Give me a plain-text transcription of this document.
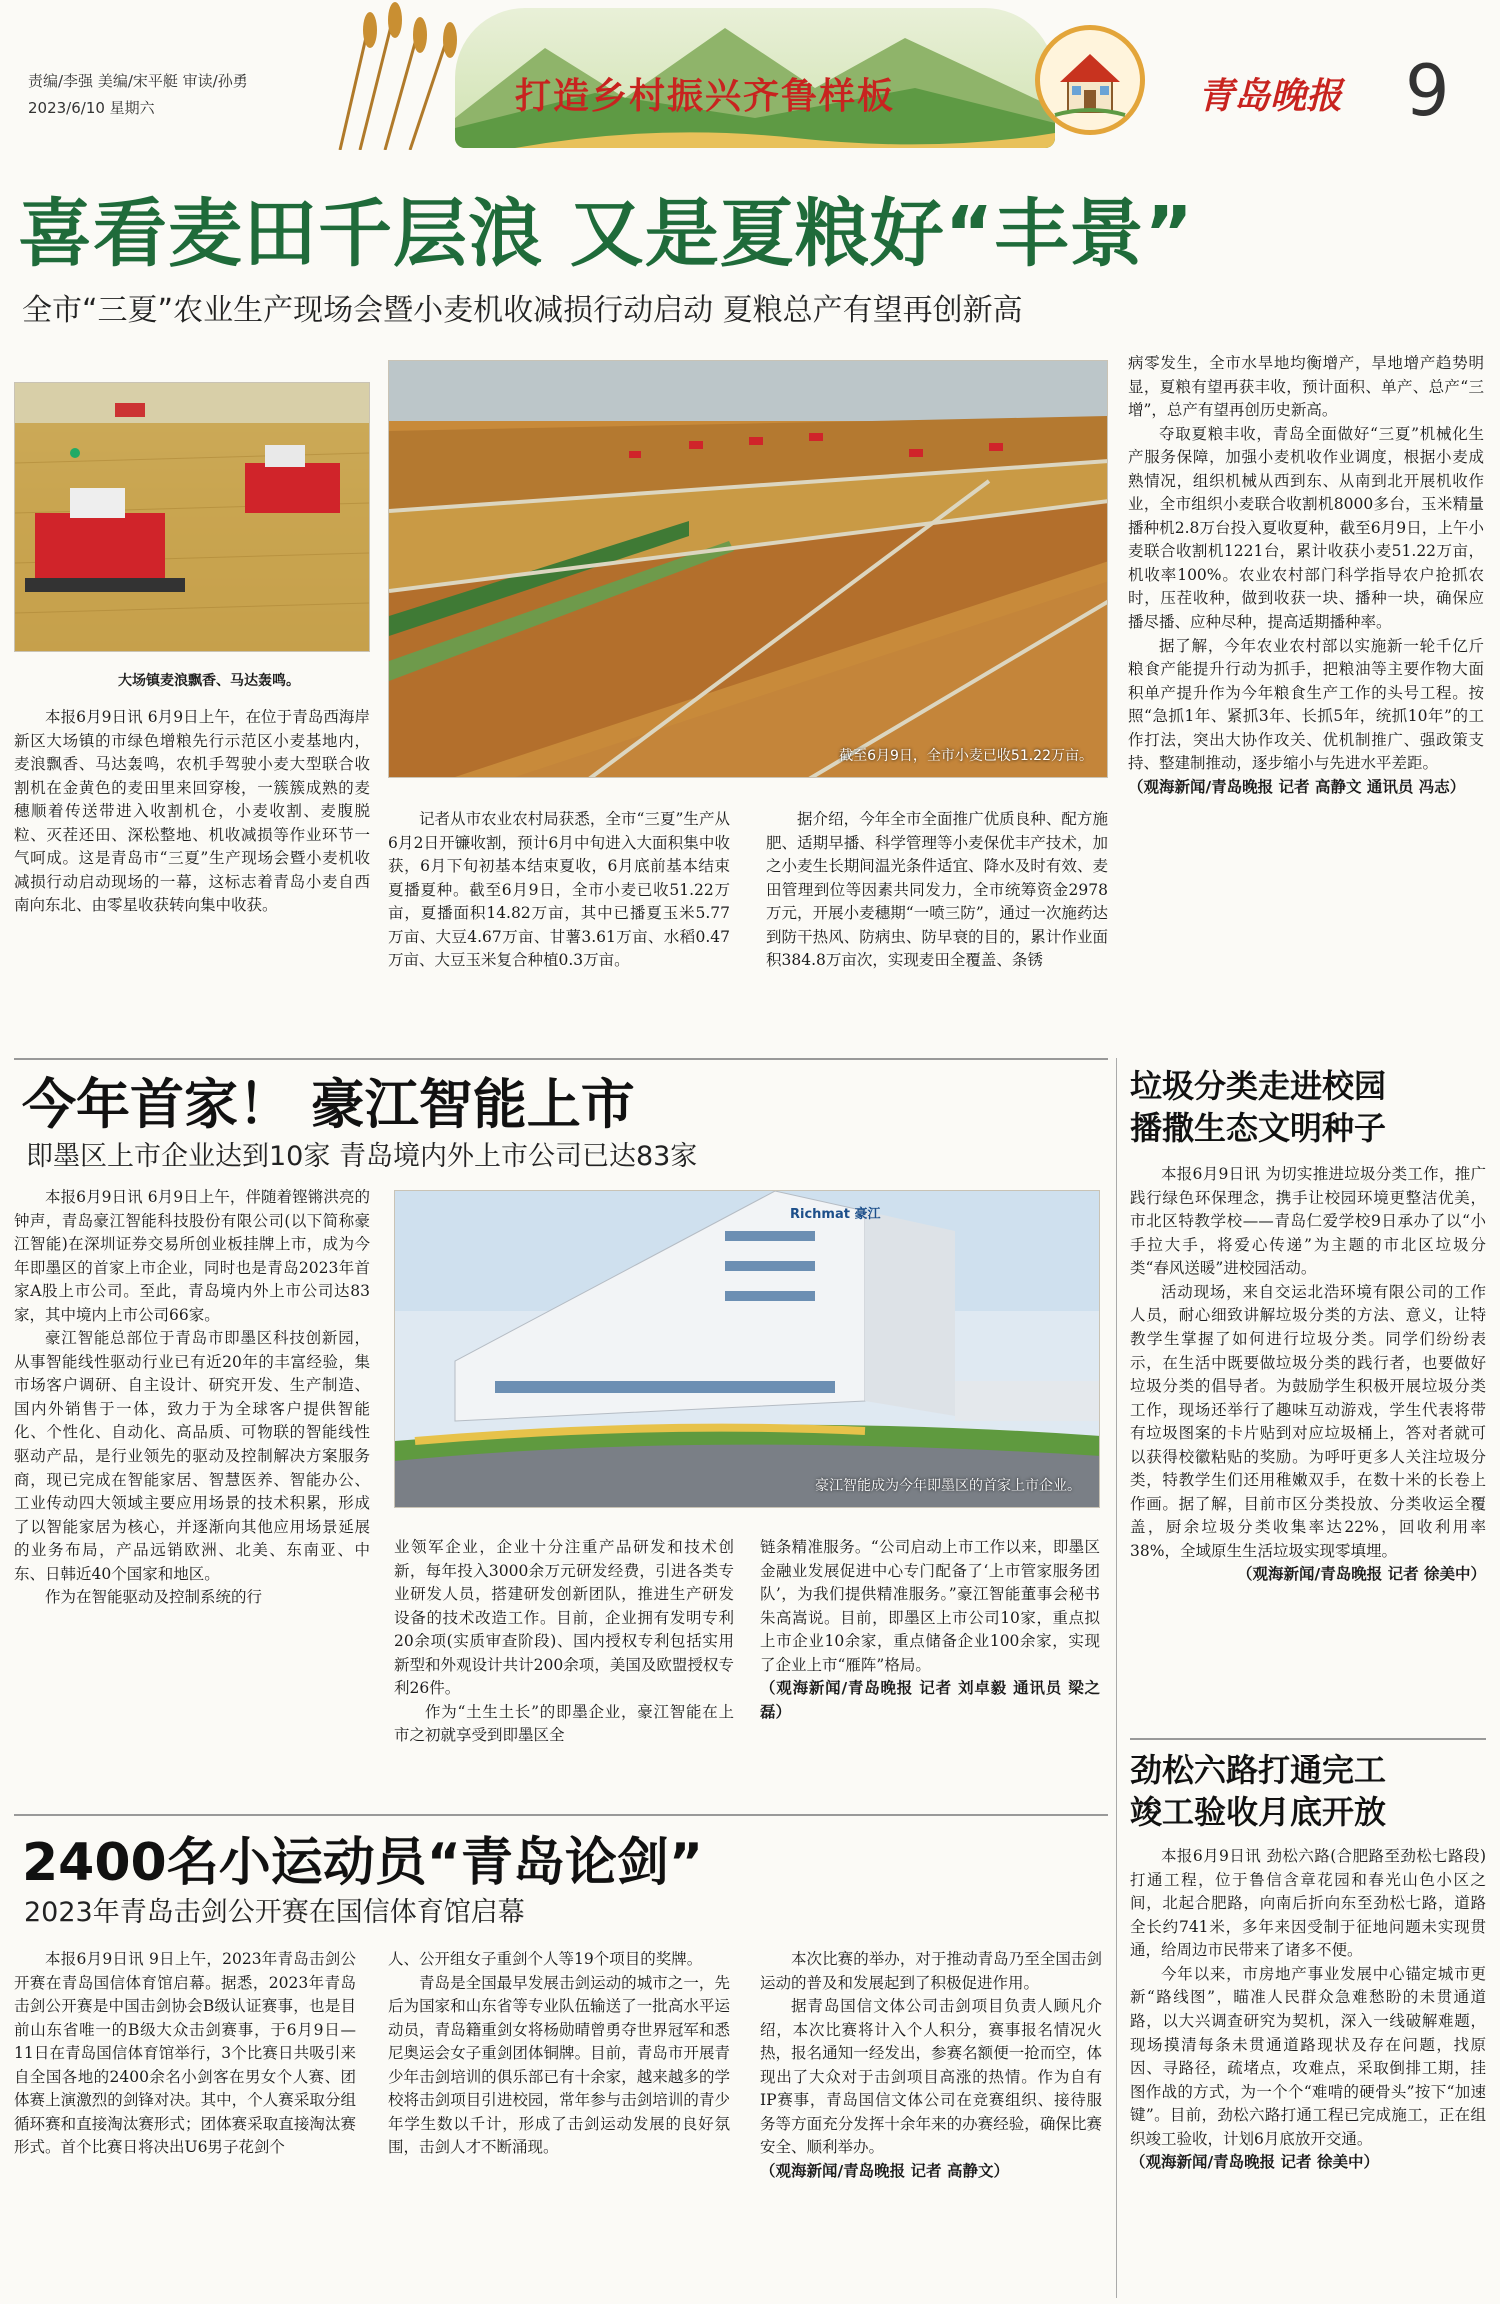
责编/李强 美编/宋平艇 审读/孙勇
2023/6/10 星期六	打造乡村振兴齐鲁样板	青岛晚报 9
喜看麦田千层浪 又是夏粮好“丰景”
全市“三夏”农业生产现场会暨小麦机收减损行动启动 夏粮总产有望再创新高
大场镇麦浪飘香、马达轰鸣。
截至6月9日，全市小麦已收51.22万亩。

本报6月9日讯 6月9日上午，在位于青岛西海岸新区大场镇的市绿色增粮先行示范区小麦基地内，麦浪飘香、马达轰鸣，农机手驾驶小麦大型联合收割机在金黄色的麦田里来回穿梭，一簇簇成熟的麦穗顺着传送带进入收割机仓，小麦收割、麦腹脱粒、灭茬还田、深松整地、机收减损等作业环节一气呵成。这是青岛市“三夏”生产现场会暨小麦机收减损行动启动现场的一幕，这标志着青岛小麦自西南向东北、由零星收获转向集中收获。

记者从市农业农村局获悉，全市“三夏”生产从6月2日开镰收割，预计6月中旬进入大面积集中收获，6月下旬初基本结束夏收，6月底前基本结束夏播夏种。截至6月9日，全市小麦已收51.22万亩，夏播面积14.82万亩，其中已播夏玉米5.77万亩、大豆4.67万亩、甘薯3.61万亩、水稻0.47万亩、大豆玉米复合种植0.3万亩。

据介绍，今年全市全面推广优质良种、配方施肥、适期早播、科学管理等小麦保优丰产技术，加之小麦生长期间温光条件适宜、降水及时有效、麦田管理到位等因素共同发力，全市统筹资金2978万元，开展小麦穗期“一喷三防”，通过一次施药达到防干热风、防病虫、防早衰的目的，累计作业面积384.8万亩次，实现麦田全覆盖、条锈

病零发生，全市水旱地均衡增产，旱地增产趋势明显，夏粮有望再获丰收，预计面积、单产、总产“三增”，总产有望再创历史新高。

夺取夏粮丰收，青岛全面做好“三夏”机械化生产服务保障，加强小麦机收作业调度，根据小麦成熟情况，组织机械从西到东、从南到北开展机收作业，全市组织小麦联合收割机8000多台，玉米精量播种机2.8万台投入夏收夏种，截至6月9日，上午小麦联合收割机1221台，累计收获小麦51.22万亩，机收率100%。农业农村部门科学指导农户抢抓农时，压茬收种，做到收获一块、播种一块，确保应播尽播、应种尽种，提高适期播种率。

据了解，今年农业农村部以实施新一轮千亿斤粮食产能提升行动为抓手，把粮油等主要作物大面积单产提升作为今年粮食生产工作的头号工程。按照“急抓1年、紧抓3年、长抓5年，统抓10年”的工作打法，突出大协作攻关、优机制推广、强政策支持、整建制推动，逐步缩小与先进水平差距。

（观海新闻/青岛晚报 记者 高静文 通讯员 冯志）

今年首家！ 豪江智能上市
即墨区上市企业达到10家 青岛境内外上市公司已达83家

本报6月9日讯 6月9日上午，伴随着铿锵洪亮的钟声，青岛豪江智能科技股份有限公司(以下简称豪江智能)在深圳证券交易所创业板挂牌上市，成为今年即墨区的首家上市企业，同时也是青岛2023年首家A股上市公司。至此，青岛境内外上市公司达83家，其中境内上市公司66家。

豪江智能总部位于青岛市即墨区科技创新园，从事智能线性驱动行业已有近20年的丰富经验，集市场客户调研、自主设计、研究开发、生产制造、国内外销售于一体，致力于为全球客户提供智能化、个性化、自动化、高品质、可物联的智能线性驱动产品，是行业领先的驱动及控制解决方案服务商，现已完成在智能家居、智慧医养、智能办公、工业传动四大领域主要应用场景的技术积累，形成了以智能家居为核心，并逐渐向其他应用场景延展的业务布局，产品远销欧洲、北美、东南亚、中东、日韩近40个国家和地区。

作为在智能驱动及控制系统的行

Richmat 豪江
豪江智能成为今年即墨区的首家上市企业。

业领军企业，企业十分注重产品研发和技术创新，每年投入3000余万元研发经费，引进各类专业研发人员，搭建研发创新团队，推进生产研发设备的技术改造工作。目前，企业拥有发明专利20余项(实质审查阶段)、国内授权专利包括实用新型和外观设计共计200余项，美国及欧盟授权专利26件。

作为“土生土长”的即墨企业，豪江智能在上市之初就享受到即墨区全

链条精准服务。“公司启动上市工作以来，即墨区金融业发展促进中心专门配备了‘上市管家服务团队’，为我们提供精准服务。”豪江智能董事会秘书朱高嵩说。目前，即墨区上市公司10家，重点拟上市企业10余家，重点储备企业100余家，实现了企业上市“雁阵”格局。

（观海新闻/青岛晚报 记者 刘卓毅 通讯员 梁之磊）

2400名小运动员“青岛论剑”
2023年青岛击剑公开赛在国信体育馆启幕

本报6月9日讯 9日上午，2023年青岛击剑公开赛在青岛国信体育馆启幕。据悉，2023年青岛击剑公开赛是中国击剑协会B级认证赛事，也是目前山东省唯一的B级大众击剑赛事，于6月9日—11日在青岛国信体育馆举行，3个比赛日共吸引来自全国各地的2400余名小剑客在男女个人赛、团体赛上演激烈的剑锋对决。其中，个人赛采取分组循环赛和直接淘汰赛形式；团体赛采取直接淘汰赛形式。首个比赛日将决出U6男子花剑个

人、公开组女子重剑个人等19个项目的奖牌。

青岛是全国最早发展击剑运动的城市之一，先后为国家和山东省等专业队伍输送了一批高水平运动员，青岛籍重剑女将杨勋晴曾勇夺世界冠军和悉尼奥运会女子重剑团体铜牌。目前，青岛市开展青少年击剑培训的俱乐部已有十余家，越来越多的学校将击剑项目引进校园，常年参与击剑培训的青少年学生数以千计，形成了击剑运动发展的良好氛围，击剑人才不断涌现。

本次比赛的举办，对于推动青岛乃至全国击剑运动的普及和发展起到了积极促进作用。

据青岛国信文体公司击剑项目负责人顾凡介绍，本次比赛将计入个人积分，赛事报名情况火热，报名通知一经发出，参赛名额便一抢而空，体现出了大众对于击剑项目高涨的热情。作为自有IP赛事，青岛国信文体公司在竞赛组织、接待服务等方面充分发挥十余年来的办赛经验，确保比赛安全、顺利举办。

（观海新闻/青岛晚报 记者 高静文）

垃圾分类走进校园
播撒生态文明种子

本报6月9日讯 为切实推进垃圾分类工作，推广践行绿色环保理念，携手让校园环境更整洁优美，市北区特教学校——青岛仁爱学校9日承办了以“小手拉大手，将爱心传递”为主题的市北区垃圾分类“春风送暖”进校园活动。

活动现场，来自交运北浩环境有限公司的工作人员，耐心细致讲解垃圾分类的方法、意义，让特教学生掌握了如何进行垃圾分类。同学们纷纷表示，在生活中既要做垃圾分类的践行者，也要做好垃圾分类的倡导者。为鼓励学生积极开展垃圾分类工作，现场还举行了趣味互动游戏，学生代表将带有垃圾图案的卡片贴到对应垃圾桶上，答对者就可以获得校徽粘贴的奖励。为呼吁更多人关注垃圾分类，特教学生们还用稚嫩双手，在数十米的长卷上作画。据了解，目前市区分类投放、分类收运全覆盖，厨余垃圾分类收集率达22%，回收利用率38%，全域原生生活垃圾实现零填埋。

（观海新闻/青岛晚报 记者 徐美中）

劲松六路打通完工
竣工验收月底开放

本报6月9日讯 劲松六路(合肥路至劲松七路段)打通工程，位于鲁信含章花园和春光山色小区之间，北起合肥路，向南后折向东至劲松七路，道路全长约741米，多年来因受制于征地问题未实现贯通，给周边市民带来了诸多不便。

今年以来，市房地产事业发展中心锚定城市更新“路线图”，瞄准人民群众急难愁盼的未贯通道路，以大兴调查研究为契机，深入一线破解难题，现场摸清每条未贯通道路现状及存在问题，找原因、寻路径，疏堵点，攻难点，采取倒排工期，挂图作战的方式，为一个个“难啃的硬骨头”按下“加速键”。目前，劲松六路打通工程已完成施工，正在组织竣工验收，计划6月底放开交通。

（观海新闻/青岛晚报 记者 徐美中）
